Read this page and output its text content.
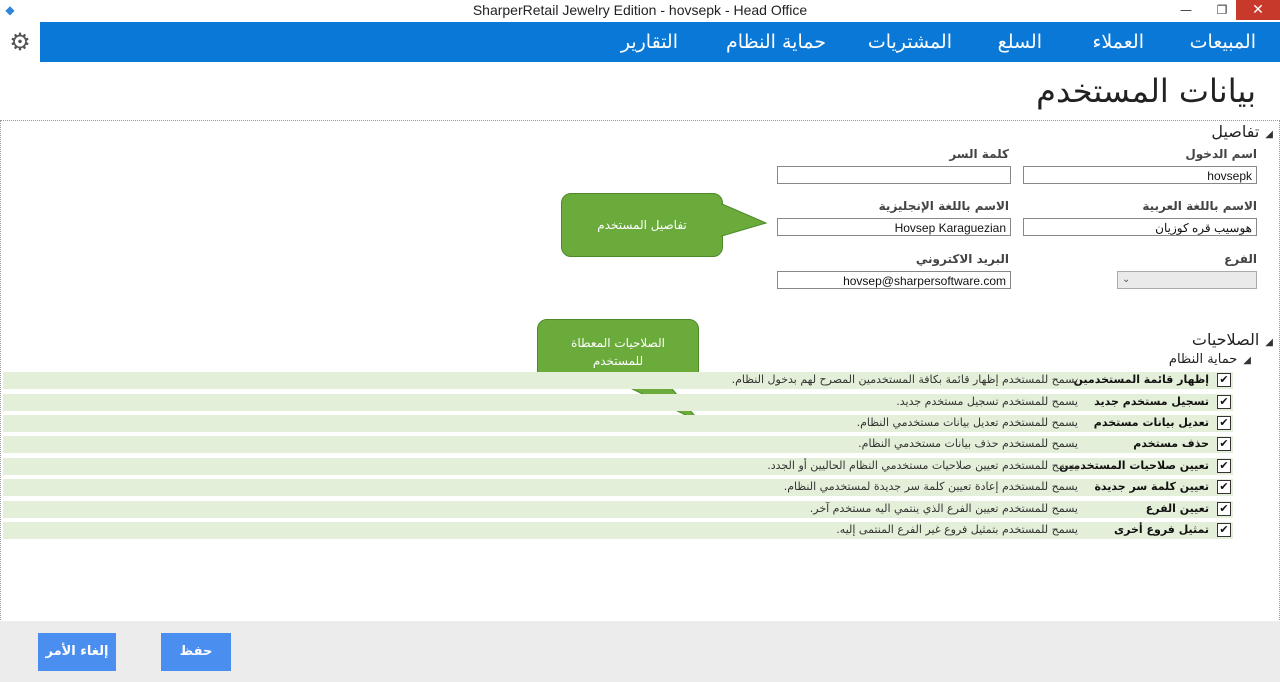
◆	SharperRetail Jewelry Edition - hovsepk - Head Office	—	❐	✕
⚙	المبيعات
العملاء
السلع
المشتريات
حماية النظام
التقارير
بيانات المستخدم
◢تفاصيل
اسم الدخول
hovsepk
كلمة السر
الاسم باللغة العربية
هوسيب قره كوزيان
الاسم باللغة الإنجليزية
Hovsep Karaguezian
الفرع
⌄
البريد الاكتروني
hovsep@sharpersoftware.com
تفاصيل المستخدم
◢الصلاحيات
◢حماية النظام
الصلاحيات المعطاة
للمستخدم
✔
إظهار قائمة المستخدمين
يسمح للمستخدم إظهار قائمة بكافة المستخدمين المصرح لهم بدخول النظام.
✔
تسجيل مستخدم جديد
يسمح للمستخدم تسجيل مستخدم جديد.
✔
تعديل بيانات مستخدم
يسمح للمستخدم تعديل بيانات مستخدمي النظام.
✔
حذف مستخدم
يسمح للمستخدم حذف بيانات مستخدمي النظام.
✔
تعيين صلاحيات المستخدمين
يسمح للمستخدم تعيين صلاحيات مستخدمي النظام الحاليين أو الجدد.
✔
تعيين كلمة سر جديدة
يسمح للمستخدم إعادة تعيين كلمة سر جديدة لمستخدمي النظام.
✔
تعيين الفرع
يسمح للمستخدم تعيين الفرع الذي ينتمي اليه مستخدم آخر.
✔
تمثيل فروع أخرى
يسمح للمستخدم بتمثيل فروع غير الفرع المنتمى إليه.
إلغاء الأمر	حفظ
